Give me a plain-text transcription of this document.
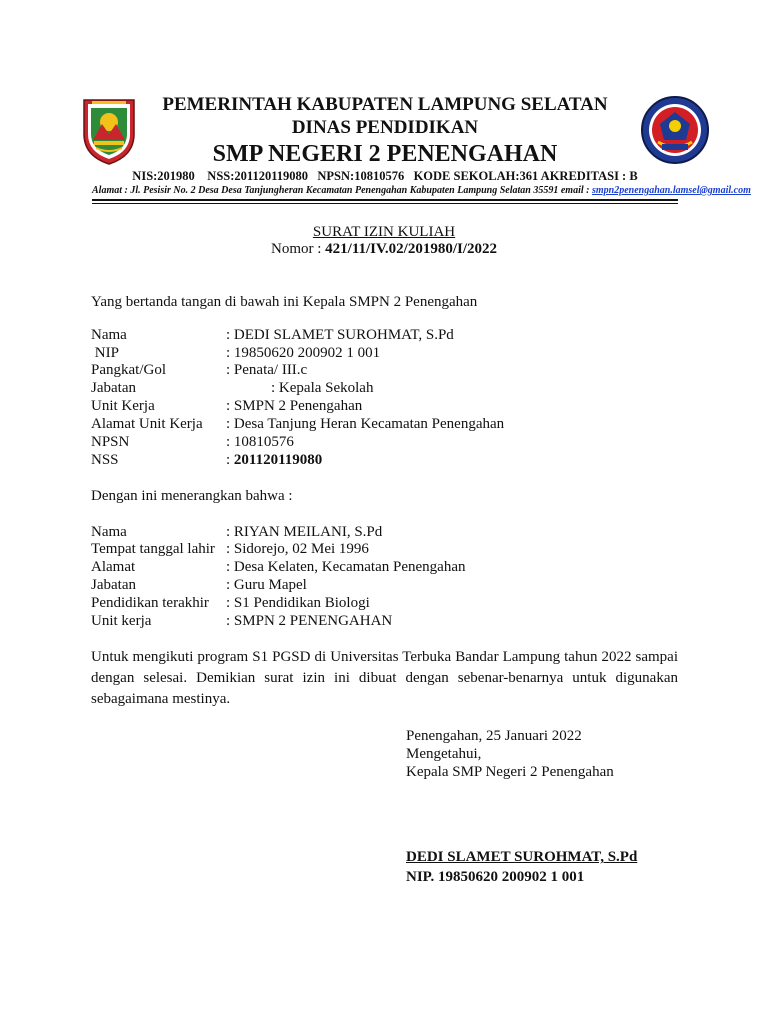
PEMERINTAH KABUPATEN LAMPUNG SELATAN
DINAS PENDIDIKAN
SMP NEGERI 2 PENENGAHAN
NIS:201980    NSS:201120119080   NPSN:10810576   KODE SEKOLAH:361 AKREDITASI : B
Alamat : Jl. Pesisir No. 2 Desa Desa Tanjungheran Kecamatan Penengahan Kabupaten Lampung Selatan 35591 email : smpn2penengahan.lamsel@gmail.com
SURAT IZIN KULIAH
Nomor : 421/11/IV.02/201980/I/2022
Yang bertanda tangan di bawah ini Kepala SMPN 2 Penengahan
Nama	: DEDI SLAMET SUROHMAT, S.Pd
NIP	: 19850620 200902 1 001
Pangkat/Gol	: Penata/ III.c
Jabatan	: Kepala Sekolah
Unit Kerja	: SMPN 2 Penengahan
Alamat Unit Kerja : Desa Tanjung Heran Kecamatan Penengahan
NPSN	: 10810576
NSS	: 201120119080
Dengan ini menerangkan bahwa :
Nama	: RIYAN MEILANI, S.Pd
Tempat tanggal lahir : Sidorejo, 02 Mei 1996
Alamat	: Desa Kelaten, Kecamatan Penengahan
Jabatan	: Guru Mapel
Pendidikan terakhir : S1 Pendidikan Biologi
Unit kerja	: SMPN 2 PENENGAHAN
Untuk mengikuti program S1 PGSD di Universitas Terbuka Bandar Lampung tahun 2022 sampai dengan selesai. Demikian surat izin ini dibuat dengan sebenar-benarnya untuk digunakan sebagaimana mestinya.
Penengahan, 25 Januari 2022
Mengetahui,
Kepala SMP Negeri 2 Penengahan
DEDI SLAMET SUROHMAT, S.Pd
NIP. 19850620 200902 1 001
